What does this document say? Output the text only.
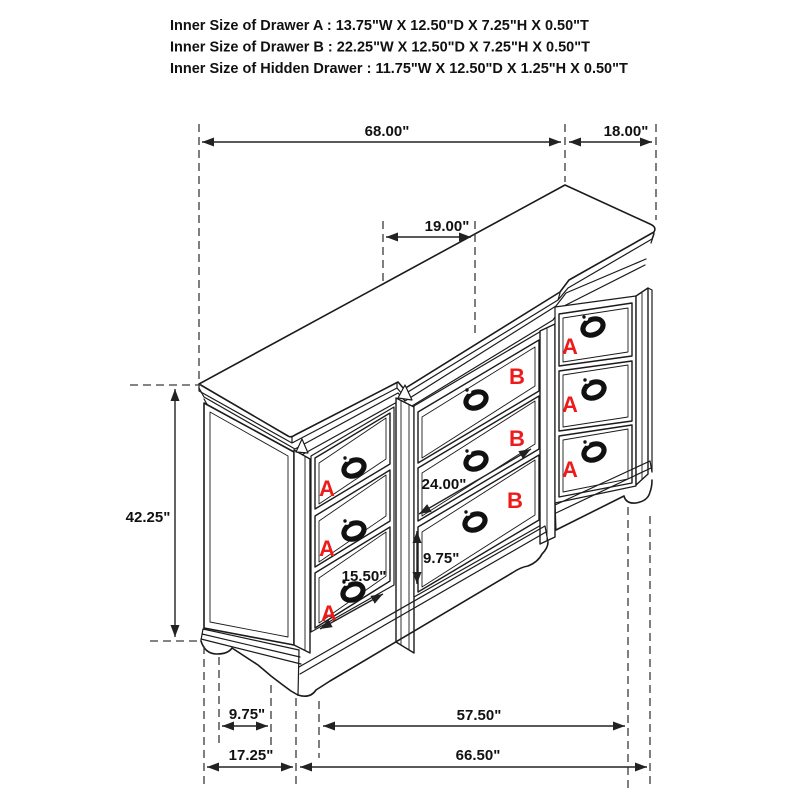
Inner Size of Drawer A : 13.75"W X 12.50"D X 7.25"H X 0.50"T
Inner Size of Drawer B : 22.25"W X 12.50"D X 7.25"H X 0.50"T
Inner Size of Hidden Drawer : 11.75"W X 12.50"D X 1.25"H X 0.50"T
A
A
A
B
B
B
A
A
A
68.00"	18.00"
19.00"
42.25"
24.00"
9.75"
15.50"
9.75"
17.25"
57.50"
66.50"
